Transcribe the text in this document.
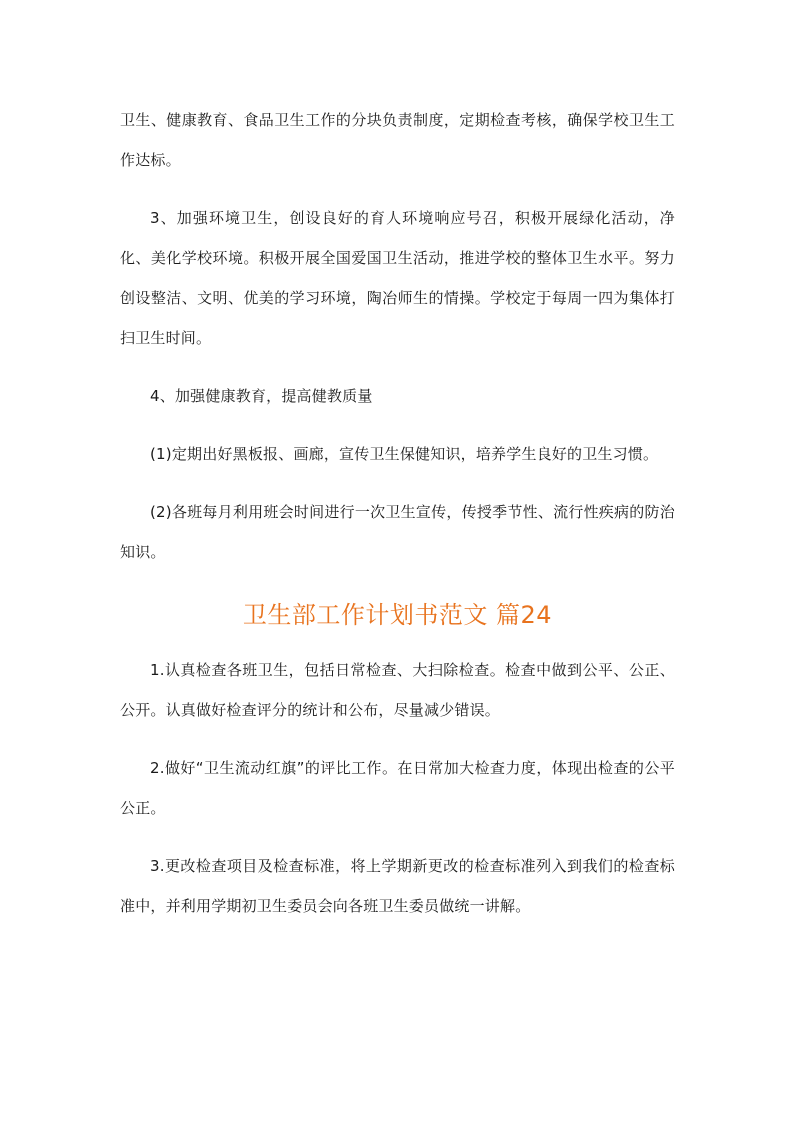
卫生、健康教育、食品卫生工作的分块负责制度，定期检查考核，确保学校卫生工作达标。

3、加强环境卫生，创设良好的育人环境响应号召，积极开展绿化活动，净化、美化学校环境。积极开展全国爱国卫生活动，推进学校的整体卫生水平。努力创设整洁、文明、优美的学习环境，陶冶师生的情操。学校定于每周一四为集体打扫卫生时间。

4、加强健康教育，提高健教质量

(1)定期出好黑板报、画廊，宣传卫生保健知识，培养学生良好的卫生习惯。

(2)各班每月利用班会时间进行一次卫生宣传，传授季节性、流行性疾病的防治知识。

卫生部工作计划书范文 篇24

1.认真检查各班卫生，包括日常检查、大扫除检查。检查中做到公平、公正、公开。认真做好检查评分的统计和公布，尽量减少错误。

2.做好“卫生流动红旗”的评比工作。在日常加大检查力度，体现出检查的公平公正。

3.更改检查项目及检查标准，将上学期新更改的检查标准列入到我们的检查标准中，并利用学期初卫生委员会向各班卫生委员做统一讲解。
